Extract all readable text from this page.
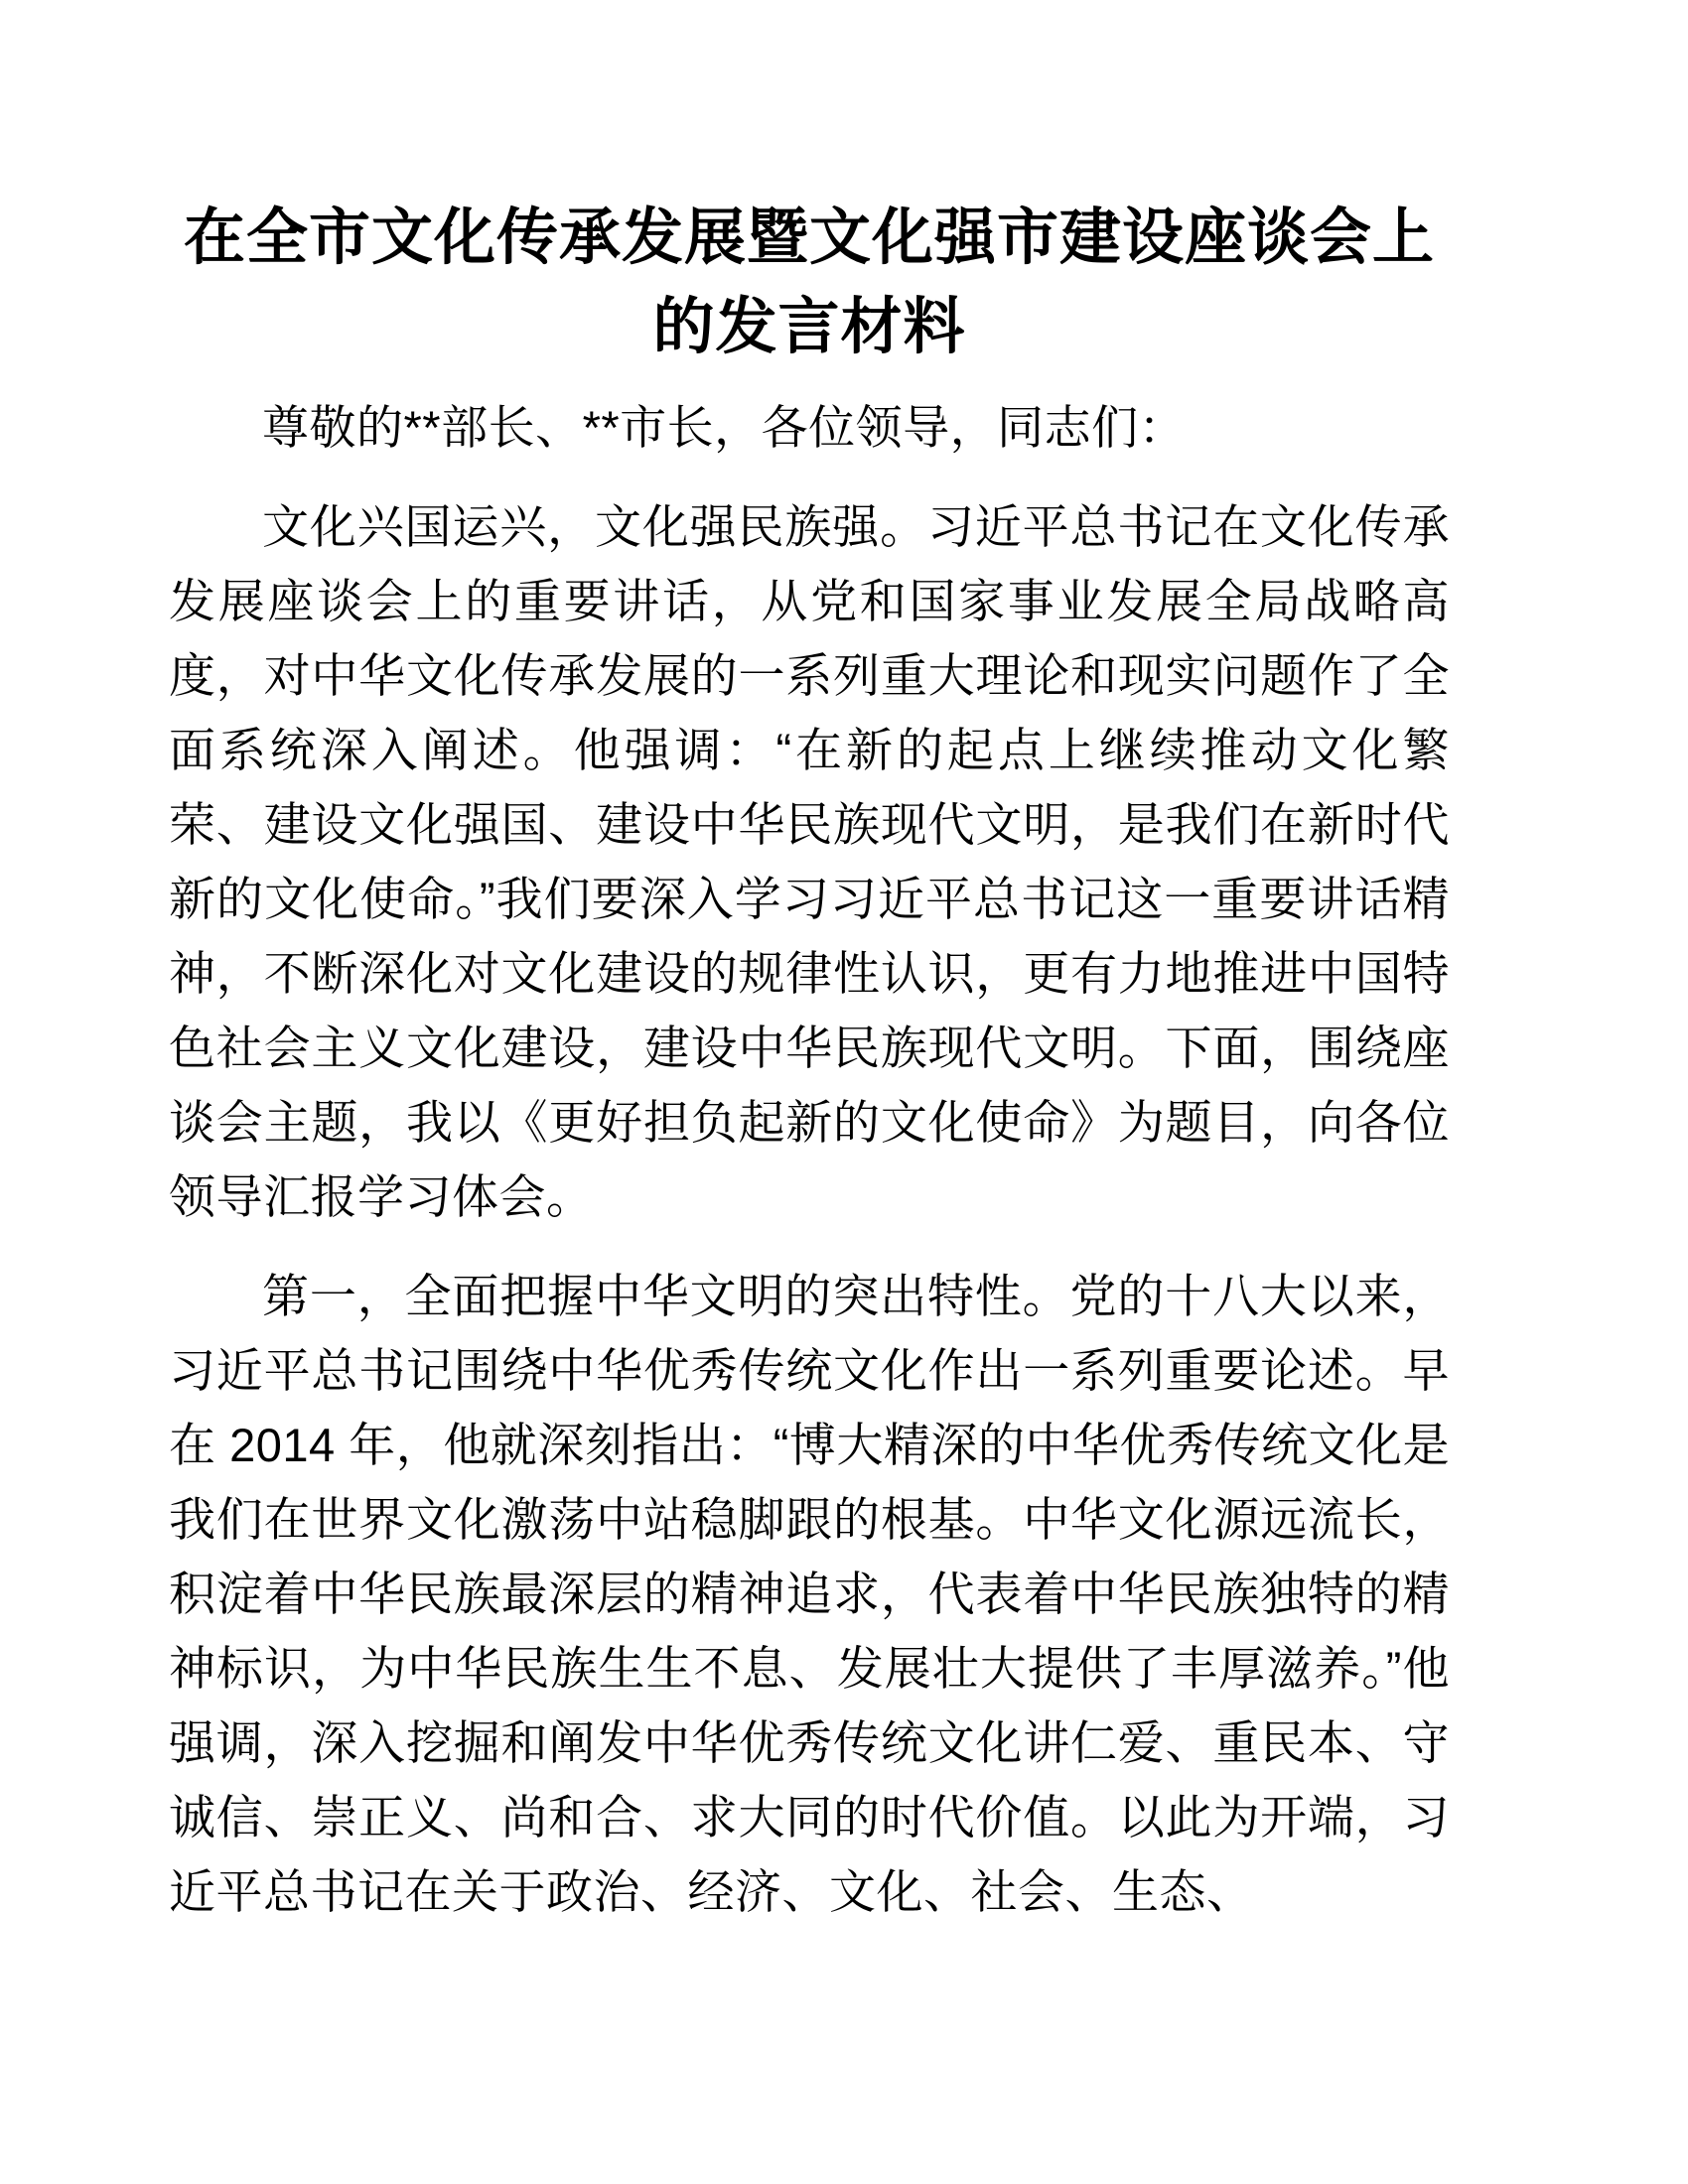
在全市文化传承发展暨文化强市建设座谈会上的发言材料

尊敬的**部长、**市长，各位领导，同志们：

文化兴国运兴，文化强民族强。习近平总书记在文化传承发展座谈会上的重要讲话，从党和国家事业发展全局战略高度，对中华文化传承发展的一系列重大理论和现实问题作了全面系统深入阐述。他强调：“在新的起点上继续推动文化繁荣、建设文化强国、建设中华民族现代文明，是我们在新时代新的文化使命。”我们要深入学习习近平总书记这一重要讲话精神，不断深化对文化建设的规律性认识，更有力地推进中国特色社会主义文化建设，建设中华民族现代文明。下面，围绕座谈会主题，我以《更好担负起新的文化使命》为题目，向各位领导汇报学习体会。

第一，全面把握中华文明的突出特性。党的十八大以来，习近平总书记围绕中华优秀传统文化作出一系列重要论述。早在 2014 年，他就深刻指出：“博大精深的中华优秀传统文化是我们在世界文化激荡中站稳脚跟的根基。中华文化源远流长，积淀着中华民族最深层的精神追求，代表着中华民族独特的精神标识，为中华民族生生不息、发展壮大提供了丰厚滋养。”他强调，深入挖掘和阐发中华优秀传统文化讲仁爱、重民本、守诚信、崇正义、尚和合、求大同的时代价值。以此为开端，习近平总书记在关于政治、经济、文化、社会、生态、
